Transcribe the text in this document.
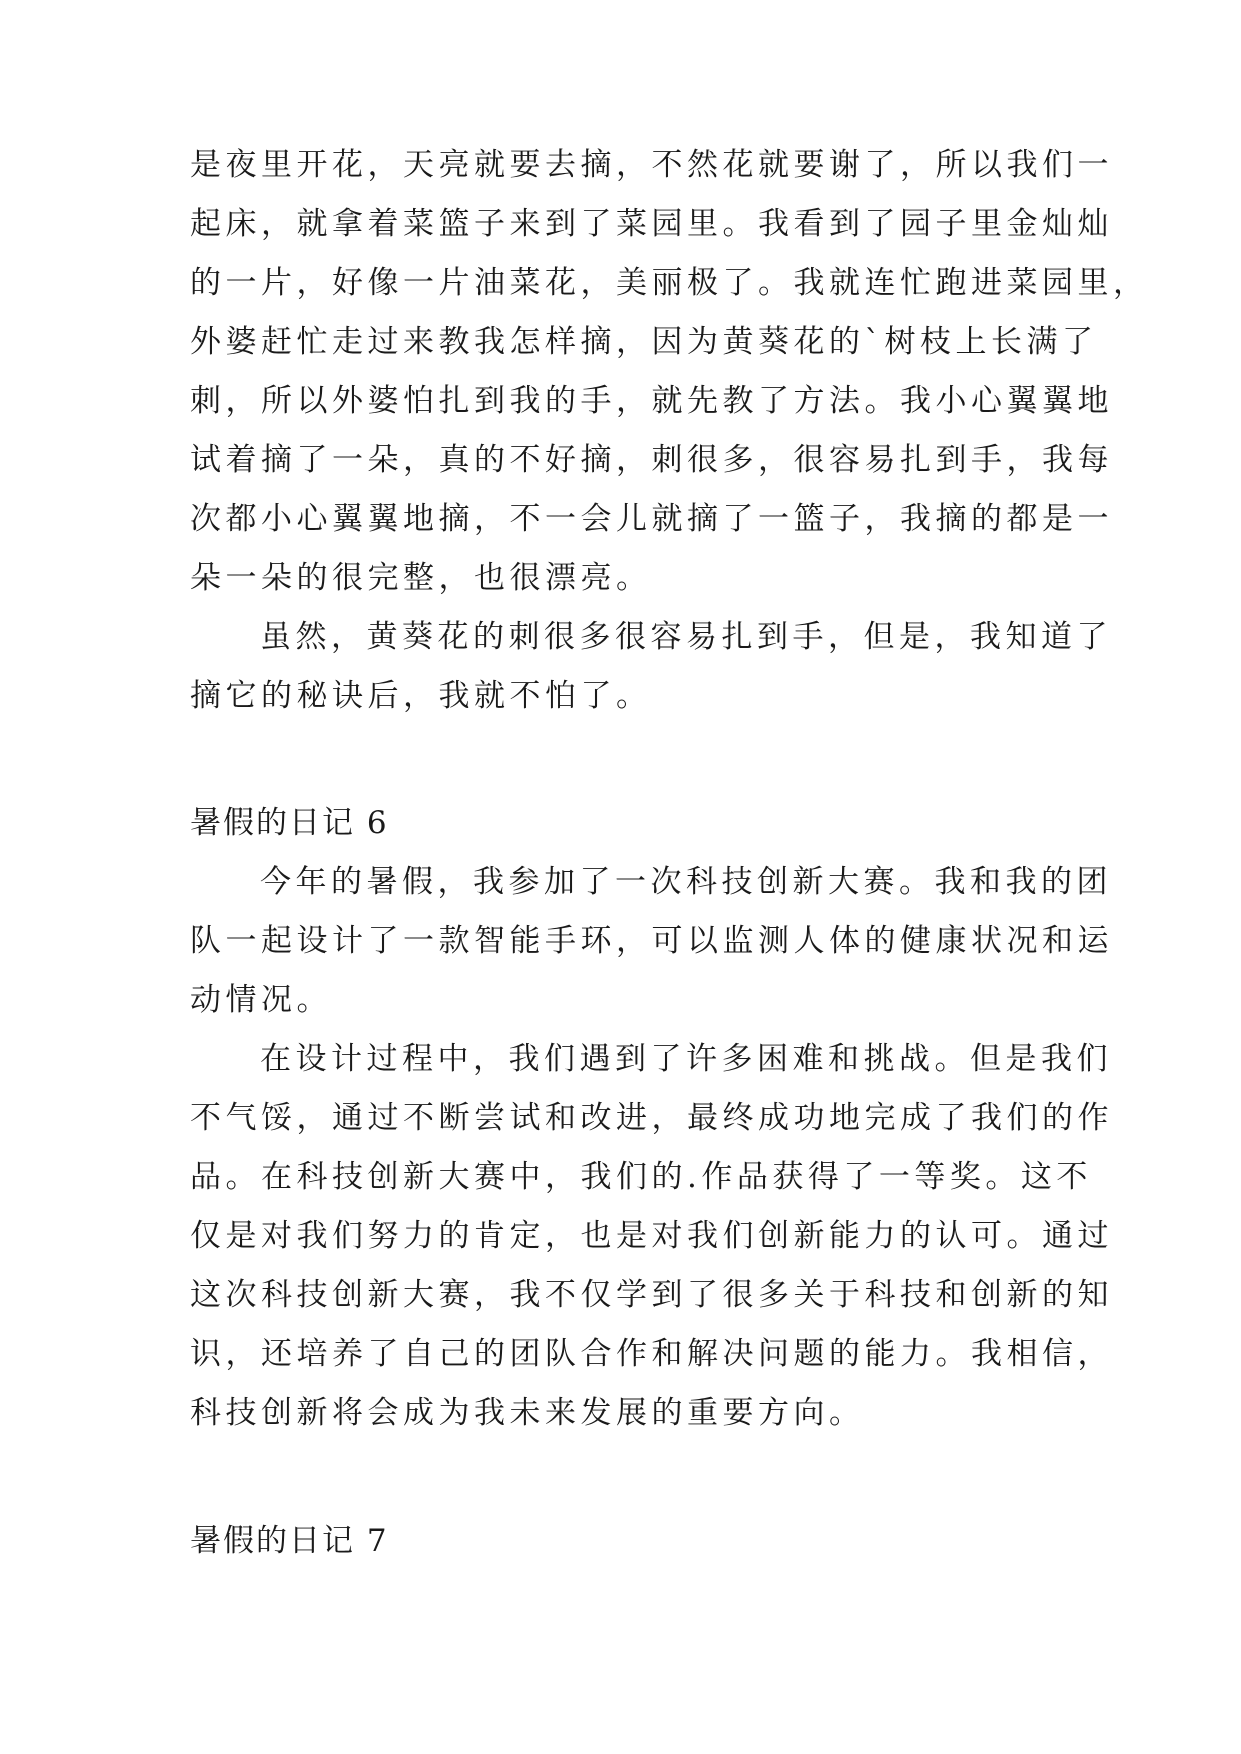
是夜里开花，天亮就要去摘，不然花就要谢了，所以我们一
起床，就拿着菜篮子来到了菜园里。我看到了园子里金灿灿
的一片，好像一片油菜花，美丽极了。我就连忙跑进菜园里，
外婆赶忙走过来教我怎样摘，因为黄葵花的`树枝上长满了
刺，所以外婆怕扎到我的手，就先教了方法。我小心翼翼地
试着摘了一朵，真的不好摘，刺很多，很容易扎到手，我每
次都小心翼翼地摘，不一会儿就摘了一篮子，我摘的都是一
朵一朵的很完整，也很漂亮。
虽然，黄葵花的刺很多很容易扎到手，但是，我知道了
摘它的秘诀后，我就不怕了。
暑假的日记 6
今年的暑假，我参加了一次科技创新大赛。我和我的团
队一起设计了一款智能手环，可以监测人体的健康状况和运
动情况。
在设计过程中，我们遇到了许多困难和挑战。但是我们
不气馁，通过不断尝试和改进，最终成功地完成了我们的作
品。在科技创新大赛中，我们的.作品获得了一等奖。这不
仅是对我们努力的肯定，也是对我们创新能力的认可。通过
这次科技创新大赛，我不仅学到了很多关于科技和创新的知
识，还培养了自己的团队合作和解决问题的能力。我相信，
科技创新将会成为我未来发展的重要方向。
暑假的日记 7
